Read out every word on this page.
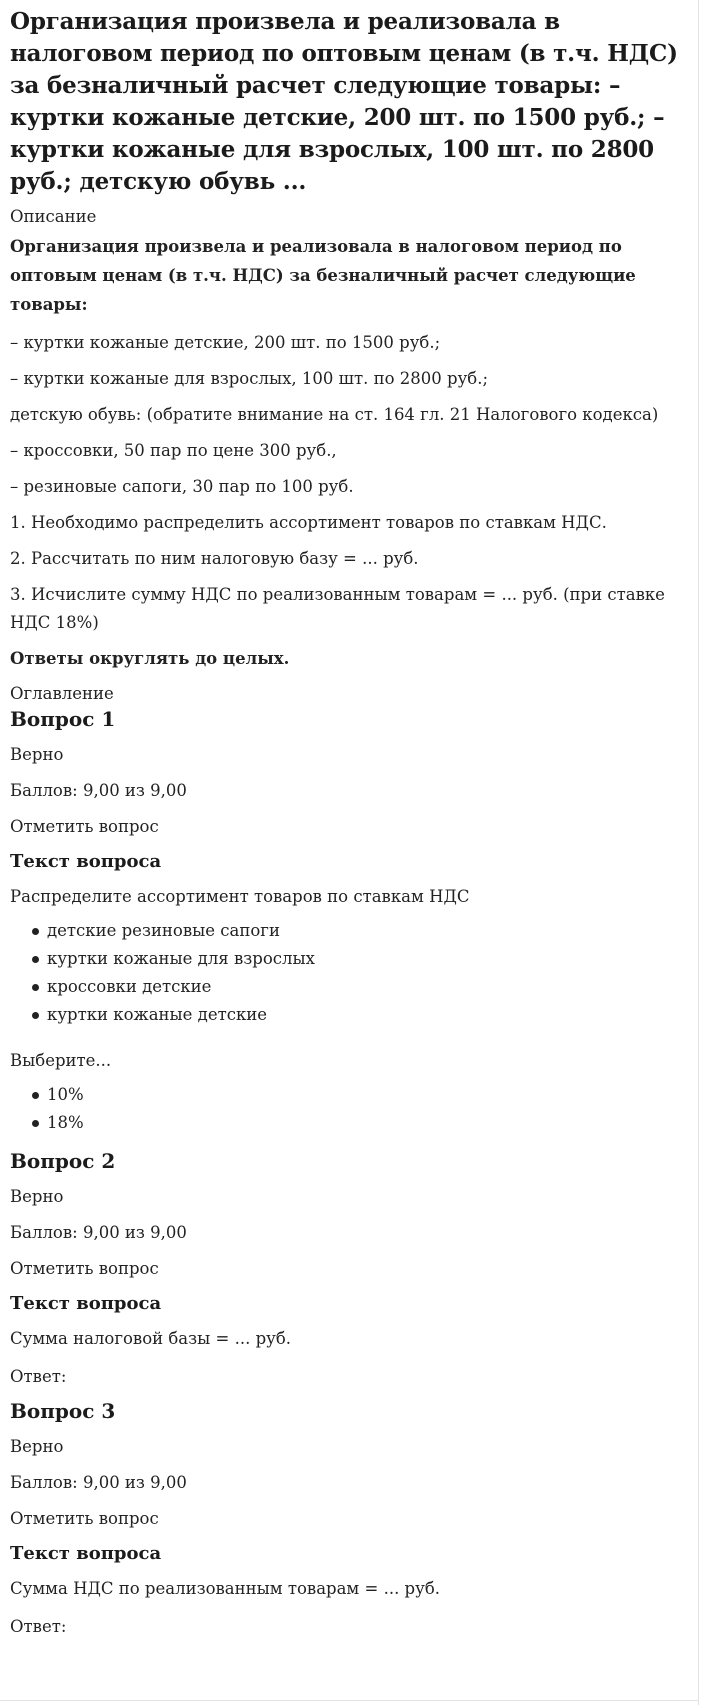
Организация произвела и реализовала в налоговом период по оптовым ценам (в т.ч. НДС) за безналичный расчет следующие товары: – куртки кожаные детские, 200 шт. по 1500 руб.; – куртки кожаные для взрослых, 100 шт. по 2800 руб.; детскую обувь ...
Описание
Организация произвела и реализовала в налоговом период по оптовым ценам (в т.ч. НДС) за безналичный расчет следующие товары:

– куртки кожаные детские, 200 шт. по 1500 руб.;

– куртки кожаные для взрослых, 100 шт. по 2800 руб.;

детскую обувь: (обратите внимание на ст. 164 гл. 21 Налогового кодекса)

– кроссовки, 50 пар по цене 300 руб.,

– резиновые сапоги, 30 пар по 100 руб.

1. Необходимо распределить ассортимент товаров по ставкам НДС.

2. Рассчитать по ним налоговую базу = ... руб.

3. Исчислите сумму НДС по реализованным товарам = ... руб. (при ставке НДС 18%)

Ответы округлять до целых.
Оглавление
Вопрос 1

Верно

Баллов: 9,00 из 9,00

Отметить вопрос

Текст вопроса

Распределите ассортимент товаров по ставкам НДС

детские резиновые сапоги
куртки кожаные для взрослых
кроссовки детские
куртки кожаные детские

Выберите...

10%
18%
Вопрос 2

Верно

Баллов: 9,00 из 9,00

Отметить вопрос

Текст вопроса

Сумма налоговой базы = ... руб.

Ответ:

Вопрос 3

Верно

Баллов: 9,00 из 9,00

Отметить вопрос

Текст вопроса

Сумма НДС по реализованным товарам = ... руб.

Ответ:
